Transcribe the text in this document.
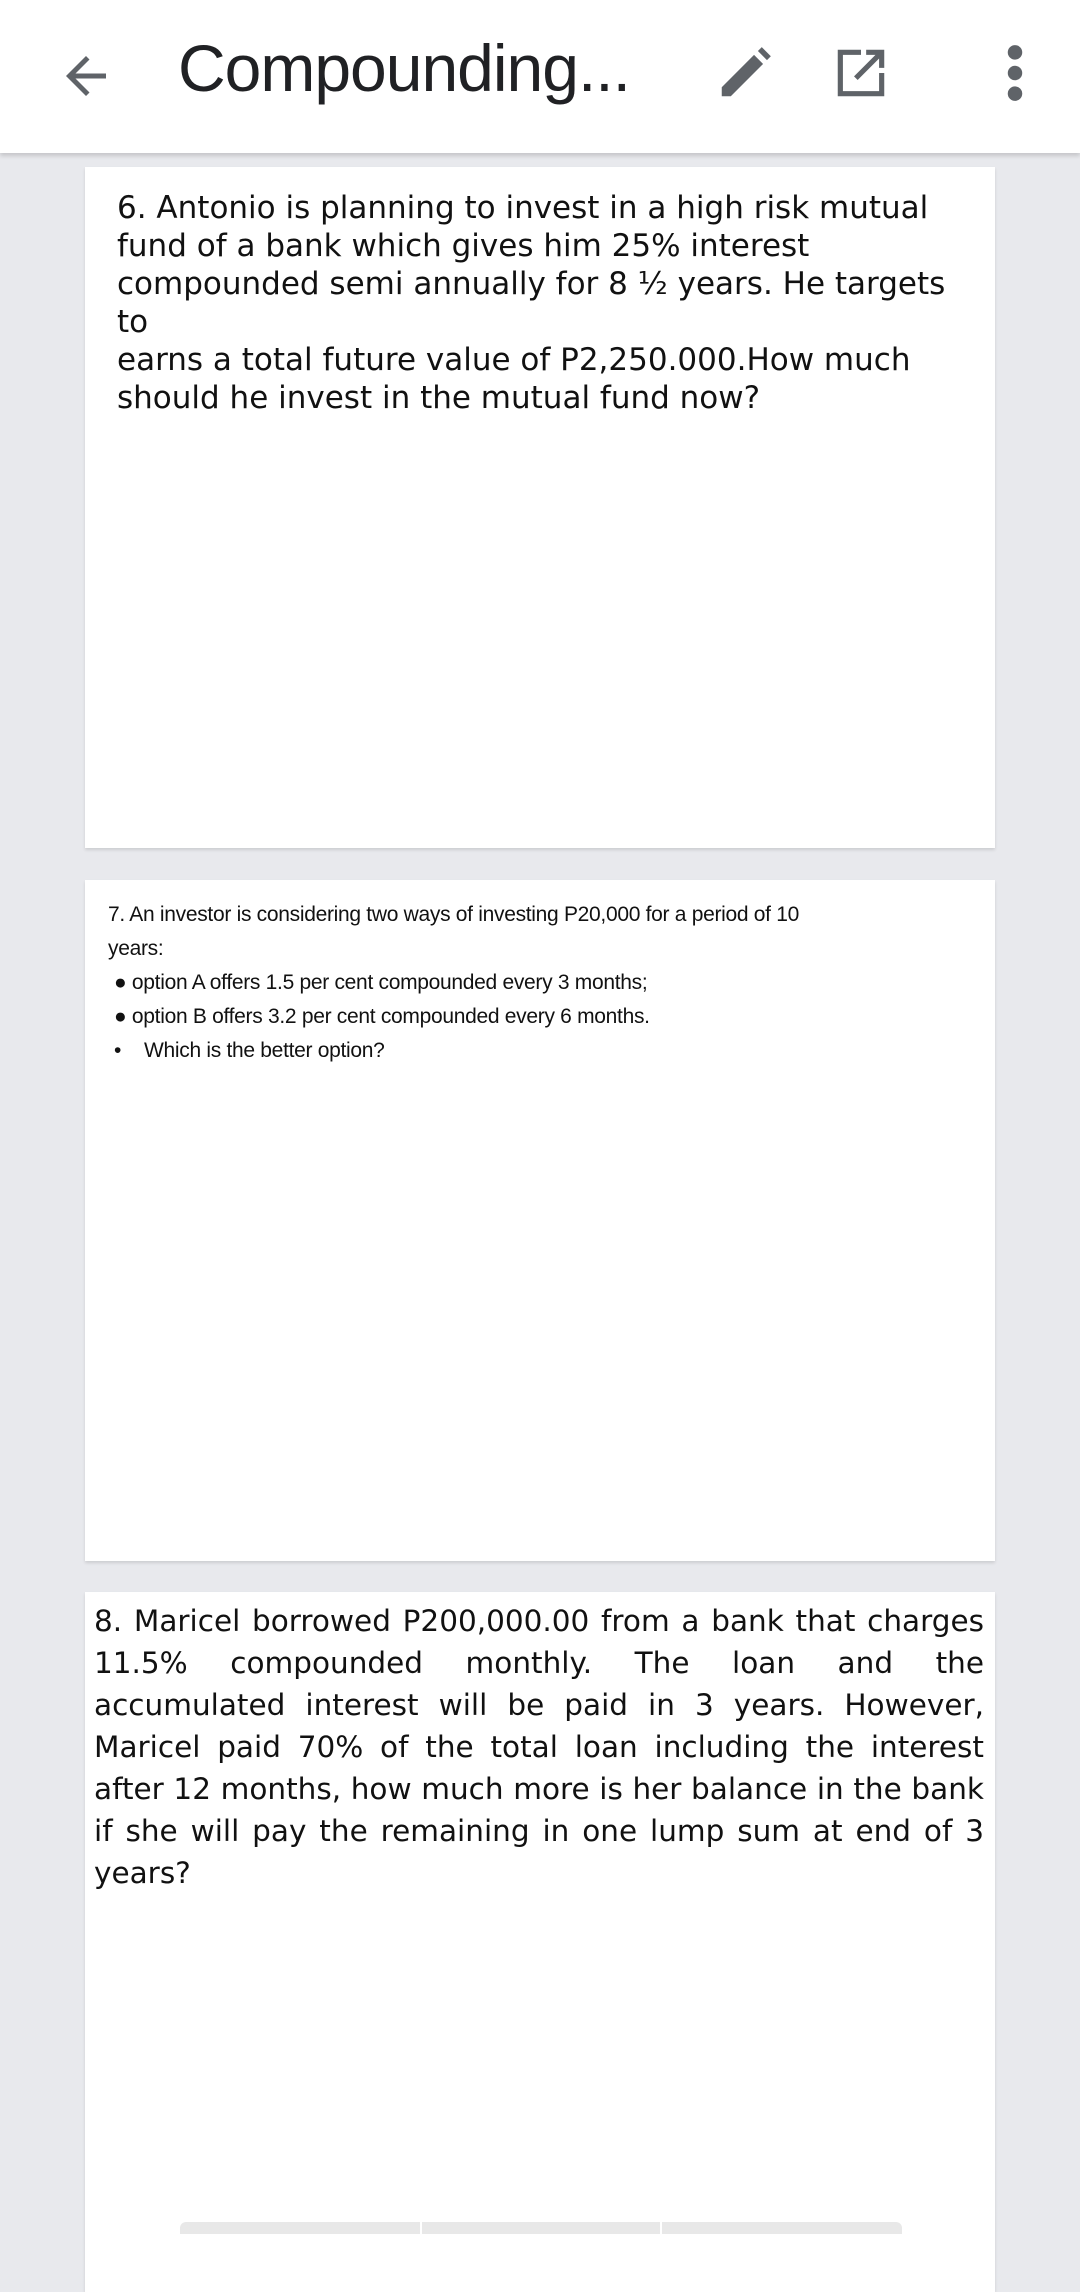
Compounding...
6. Antonio is planning to invest in a high risk mutual
fund of a bank which gives him 25% interest
compounded semi annually for 8 ½ years. He targets to
earns a total future value of P2,250.000.How much
should he invest in the mutual fund now?
7. An investor is considering two ways of investing P20,000 for a period of 10
years:
● option A offers 1.5 per cent compounded every 3 months;
● option B offers 3.2 per cent compounded every 6 months.
• Which is the better option?
8. Maricel borrowed P200,000.00 from a bank that charges 11.5% compounded monthly. The loan and the accumulated interest will be paid in 3 years. However, Maricel paid 70% of the total loan including the interest after 12 months, how much more is her balance in the bank if she will pay the remaining in one lump sum at end of 3 years?
